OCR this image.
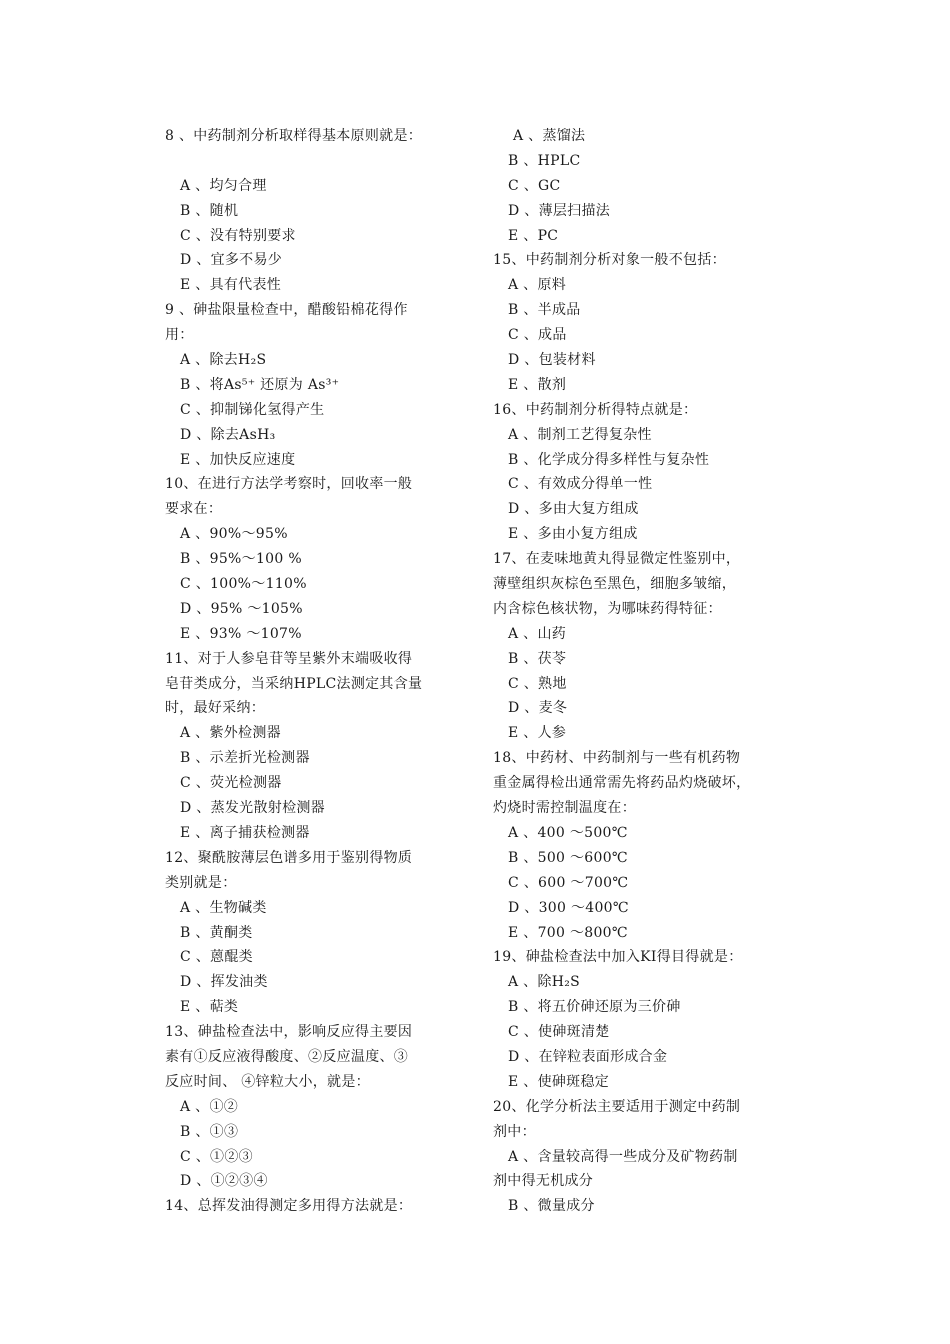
8 、中药制剂分析取样得基本原则就是：
A 、均匀合理
B 、随机
C 、没有特别要求
D 、宜多不易少
E 、具有代表性
9 、砷盐限量检查中，醋酸铅棉花得作
用：
A 、除去H₂S
B 、将As⁵⁺ 还原为 As³⁺
C 、抑制锑化氢得产生
D 、除去AsH₃
E 、加快反应速度
10、在进行方法学考察时，回收率一般
要求在：
A 、90%～95%
B 、95%～100 %
C 、100%～110%
D 、95% ～105%
E 、93% ～107%
11、对于人参皂苷等呈紫外末端吸收得
皂苷类成分，当采纳HPLC法测定其含量
时，最好采纳：
A 、紫外检测器
B 、示差折光检测器
C 、荧光检测器
D 、蒸发光散射检测器
E 、离子捕获检测器
12、聚酰胺薄层色谱多用于鉴别得物质
类别就是：
A 、生物碱类
B 、黄酮类
C 、蒽醌类
D 、挥发油类
E 、萜类
13、砷盐检查法中，影响反应得主要因
素有①反应液得酸度、②反应温度、③
反应时间、 ④锌粒大小，就是：
A 、①②
B 、①③
C 、①②③
D 、①②③④
14、总挥发油得测定多用得方法就是：
A 、蒸馏法
B 、HPLC
C 、GC
D 、薄层扫描法
E 、PC
15、中药制剂分析对象一般不包括：
A 、原料
B 、半成品
C 、成品
D 、包装材料
E 、散剂
16、中药制剂分析得特点就是：
A 、制剂工艺得复杂性
B 、化学成分得多样性与复杂性
C 、有效成分得单一性
D 、多由大复方组成
E 、多由小复方组成
17、在麦味地黄丸得显微定性鉴别中，
薄壁组织灰棕色至黑色，细胞多皱缩，
内含棕色核状物，为哪味药得特征：
A 、山药
B 、茯苓
C 、熟地
D 、麦冬
E 、人参
18、中药材、中药制剂与一些有机药物
重金属得检出通常需先将药品灼烧破坏，
灼烧时需控制温度在：
A 、400 ～500℃
B 、500 ～600℃
C 、600 ～700℃
D 、300 ～400℃
E 、700 ～800℃
19、砷盐检查法中加入KI得目得就是：
A 、除H₂S
B 、将五价砷还原为三价砷
C 、使砷斑清楚
D 、在锌粒表面形成合金
E 、使砷斑稳定
20、化学分析法主要适用于测定中药制
剂中：
A 、含量较高得一些成分及矿物药制
剂中得无机成分
B 、微量成分
